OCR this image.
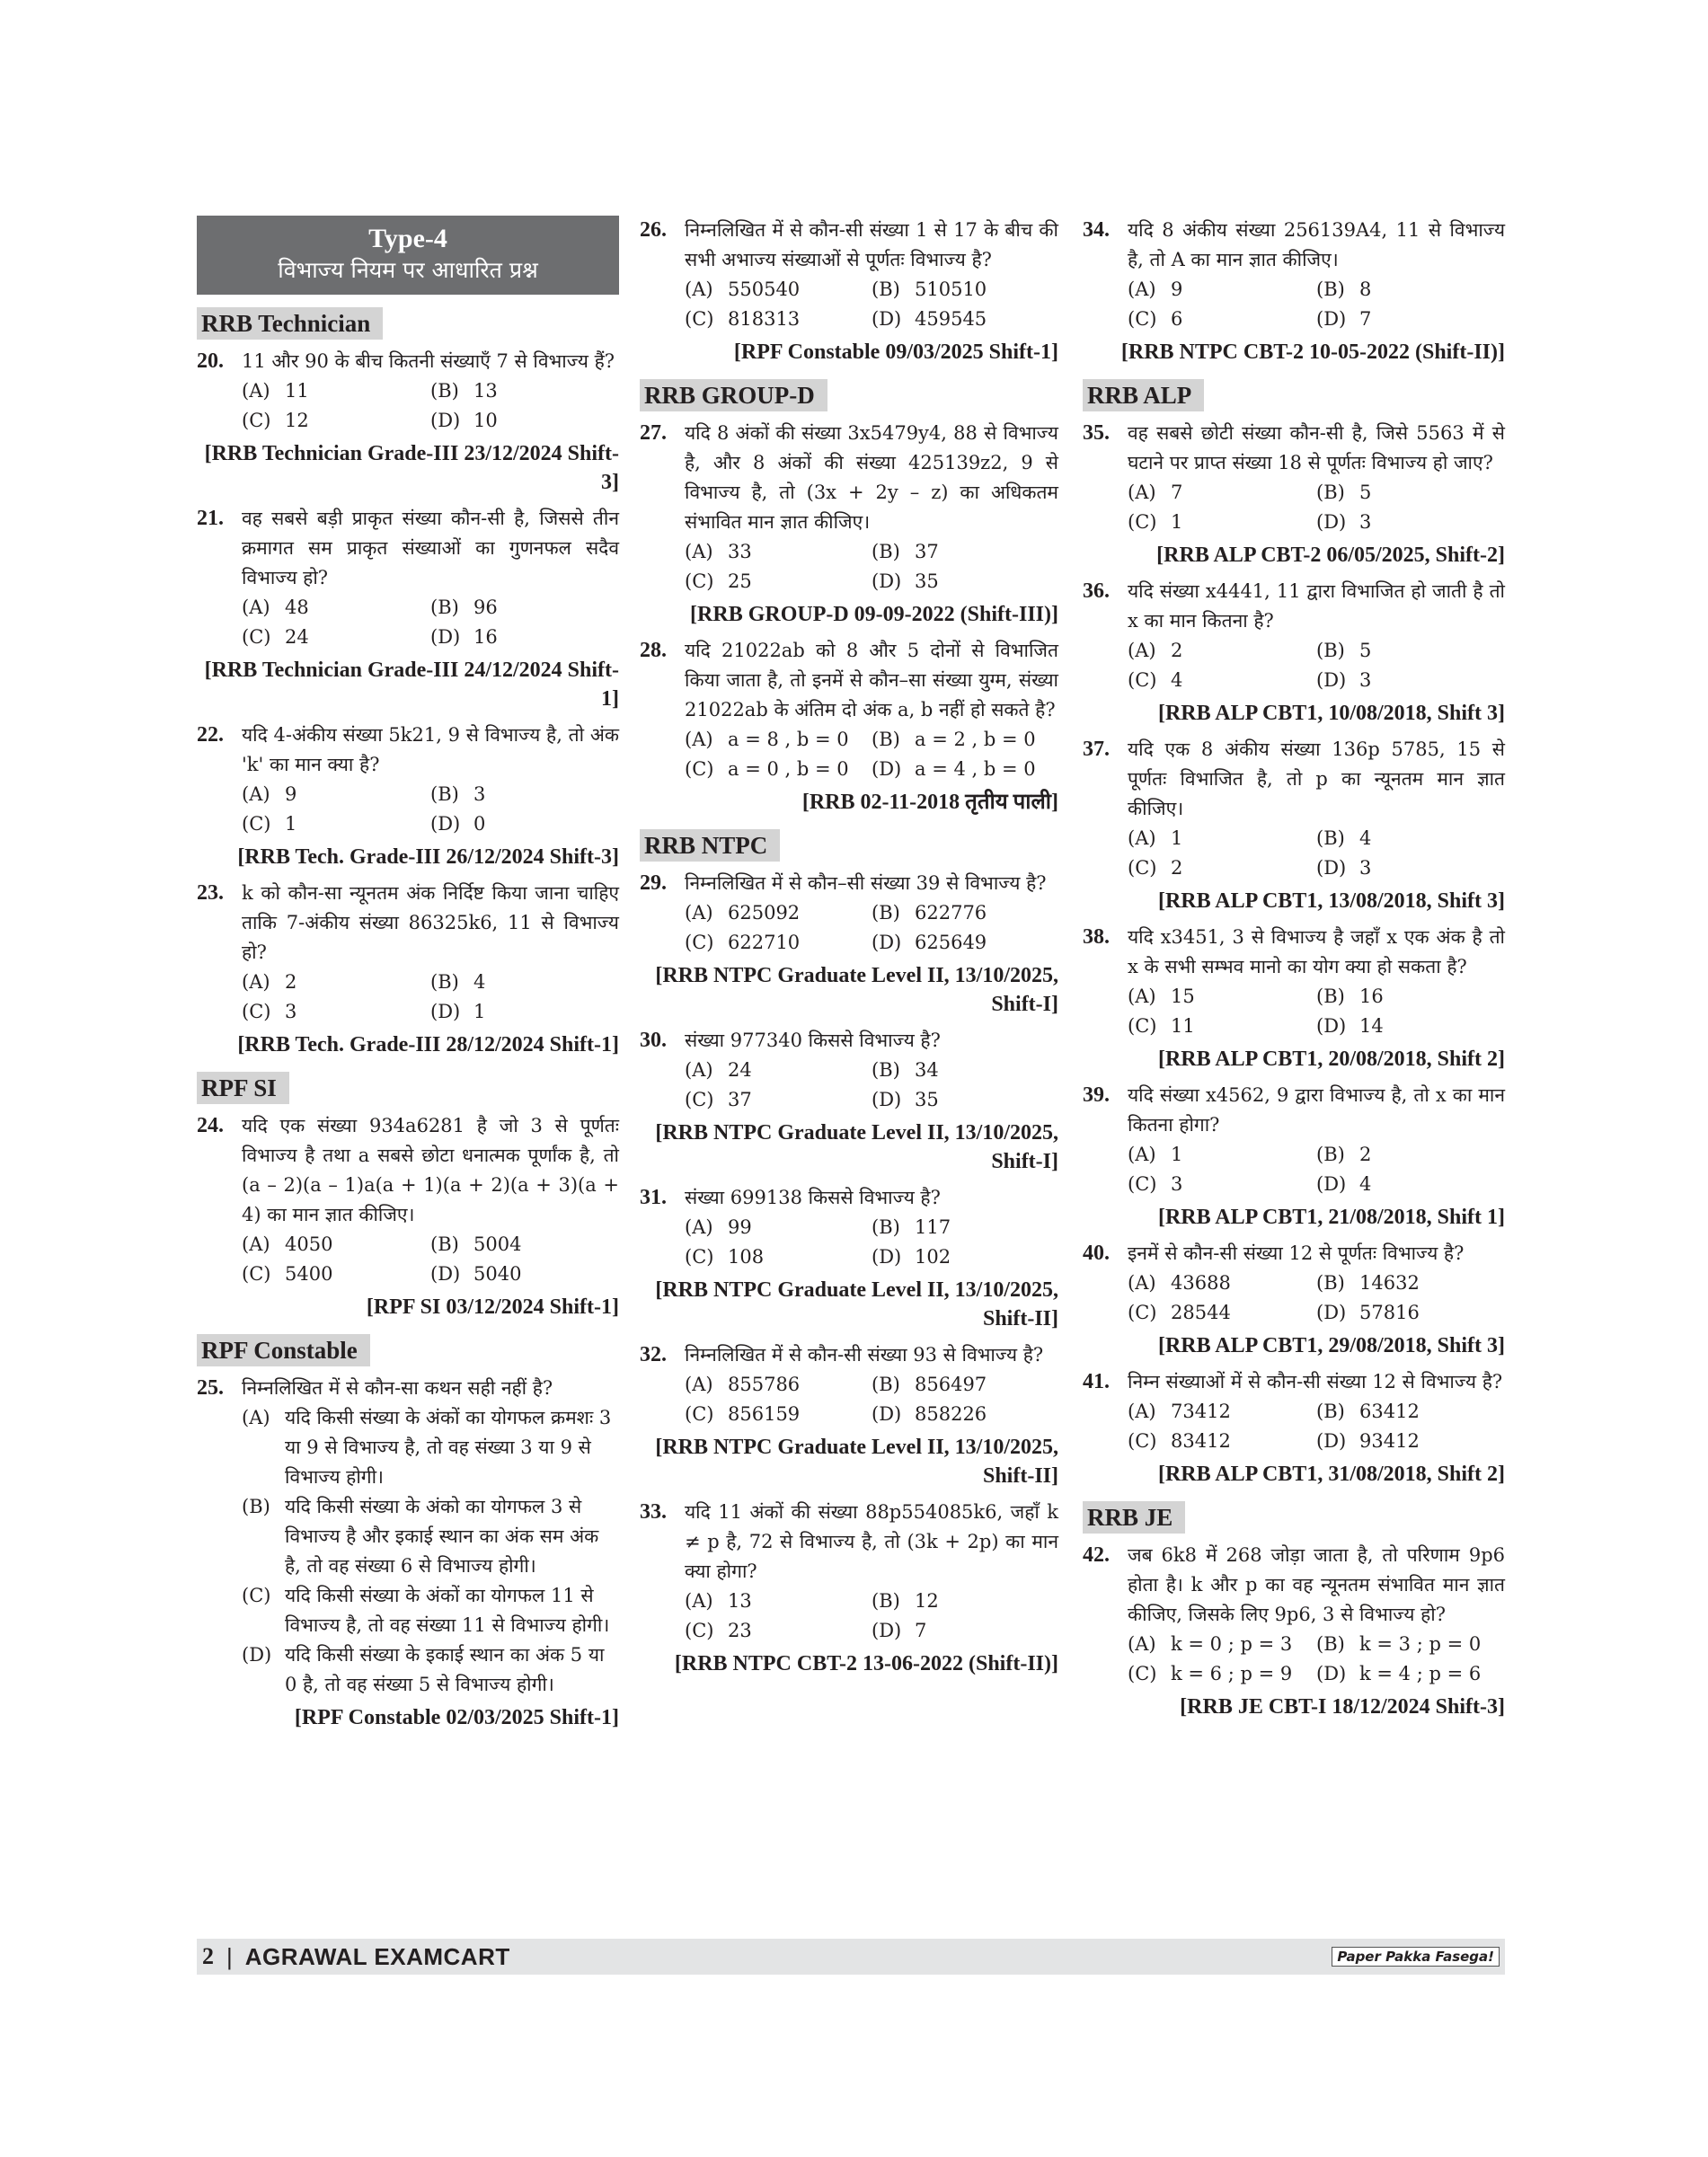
Type-4
विभाज्य नियम पर आधारित प्रश्न
RRB Technician
20. 11 और 90 के बीच कितनी संख्याएँ 7 से विभाज्य हैं?
(A) 11	(B) 13
(C) 12	(D) 10
[RRB Technician Grade-III 23/12/2024 Shift-3]
21. वह सबसे बड़ी प्राकृत संख्या कौन-सी है, जिससे तीन क्रमागत सम प्राकृत संख्याओं का गुणनफल सदैव विभाज्य हो?
(A) 48	(B) 96
(C) 24	(D) 16
[RRB Technician Grade-III 24/12/2024 Shift-1]
22. यदि 4-अंकीय संख्या 5k21, 9 से विभाज्य है, तो अंक 'k' का मान क्या है?
(A) 9	(B) 3
(C) 1	(D) 0
[RRB Tech. Grade-III 26/12/2024 Shift-3]
23. k को कौन-सा न्यूनतम अंक निर्दिष्ट किया जाना चाहिए ताकि 7-अंकीय संख्या 86325k6, 11 से विभाज्य हो?
(A) 2	(B) 4
(C) 3	(D) 1
[RRB Tech. Grade-III 28/12/2024 Shift-1]
RPF SI
24. यदि एक संख्या 934a6281 है जो 3 से पूर्णतः विभाज्य है तथा a सबसे छोटा धनात्मक पूर्णांक है, तो (a – 2)(a – 1)a(a + 1)(a + 2)(a + 3)(a + 4) का मान ज्ञात कीजिए।
(A) 4050	(B) 5004
(C) 5400	(D) 5040
[RPF SI 03/12/2024 Shift-1]
RPF Constable
25. निम्नलिखित में से कौन-सा कथन सही नहीं है?
(A) यदि किसी संख्या के अंकों का योगफल क्रमशः 3 या 9 से विभाज्य है, तो वह संख्या 3 या 9 से विभाज्य होगी।
(B) यदि किसी संख्या के अंको का योगफल 3 से विभाज्य है और इकाई स्थान का अंक सम अंक है, तो वह संख्या 6 से विभाज्य होगी।
(C) यदि किसी संख्या के अंकों का योगफल 11 से विभाज्य है, तो वह संख्या 11 से विभाज्य होगी।
(D) यदि किसी संख्या के इकाई स्थान का अंक 5 या 0 है, तो वह संख्या 5 से विभाज्य होगी।
[RPF Constable 02/03/2025 Shift-1]
26. निम्नलिखित में से कौन-सी संख्या 1 से 17 के बीच की सभी अभाज्य संख्याओं से पूर्णतः विभाज्य है?
(A) 550540	(B) 510510
(C) 818313	(D) 459545
[RPF Constable 09/03/2025 Shift-1]
RRB GROUP-D
27. यदि 8 अंकों की संख्या 3x5479y4, 88 से विभाज्य है, और 8 अंकों की संख्या 425139z2, 9 से विभाज्य है, तो (3x + 2y – z) का अधिकतम संभावित मान ज्ञात कीजिए।
(A) 33	(B) 37
(C) 25	(D) 35
[RRB GROUP-D 09-09-2022 (Shift-III)]
28. यदि 21022ab को 8 और 5 दोनों से विभाजित किया जाता है, तो इनमें से कौन–सा संख्या युग्म, संख्या 21022ab के अंतिम दो अंक a, b नहीं हो सकते है?
(A) a = 8 , b = 0 (B) a = 2 , b = 0
(C) a = 0 , b = 0 (D) a = 4 , b = 0
[RRB 02-11-2018 तृतीय पाली]
RRB NTPC
29. निम्नलिखित में से कौन–सी संख्या 39 से विभाज्य है?
(A) 625092	(B) 622776
(C) 622710	(D) 625649
[RRB NTPC Graduate Level II, 13/10/2025, Shift-I]
30. संख्या 977340 किससे विभाज्य है?
(A) 24	(B) 34
(C) 37	(D) 35
[RRB NTPC Graduate Level II, 13/10/2025, Shift-I]
31. संख्या 699138 किससे विभाज्य है?
(A) 99	(B) 117
(C) 108	(D) 102
[RRB NTPC Graduate Level II, 13/10/2025, Shift-II]
32. निम्नलिखित में से कौन-सी संख्या 93 से विभाज्य है?
(A) 855786	(B) 856497
(C) 856159	(D) 858226
[RRB NTPC Graduate Level II, 13/10/2025, Shift-II]
33. यदि 11 अंकों की संख्या 88p554085k6, जहाँ k ≠ p है, 72 से विभाज्य है, तो (3k + 2p) का मान क्या होगा?
(A) 13	(B) 12
(C) 23	(D) 7
[RRB NTPC CBT-2 13-06-2022 (Shift-II)]
34. यदि 8 अंकीय संख्या 256139A4, 11 से विभाज्य है, तो A का मान ज्ञात कीजिए।
(A) 9	(B) 8
(C) 6	(D) 7
[RRB NTPC CBT-2 10-05-2022 (Shift-II)]
RRB ALP
35. वह सबसे छोटी संख्या कौन-सी है, जिसे 5563 में से घटाने पर प्राप्त संख्या 18 से पूर्णतः विभाज्य हो जाए?
(A) 7	(B) 5
(C) 1	(D) 3
[RRB ALP CBT-2 06/05/2025, Shift-2]
36. यदि संख्या x4441, 11 द्वारा विभाजित हो जाती है तो x का मान कितना है?
(A) 2	(B) 5
(C) 4	(D) 3
[RRB ALP CBT1, 10/08/2018, Shift 3]
37. यदि एक 8 अंकीय संख्या 136p 5785, 15 से पूर्णतः विभाजित है, तो p का न्यूनतम मान ज्ञात कीजिए।
(A) 1	(B) 4
(C) 2	(D) 3
[RRB ALP CBT1, 13/08/2018, Shift 3]
38. यदि x3451, 3 से विभाज्य है जहाँ x एक अंक है तो x के सभी सम्भव मानो का योग क्या हो सकता है?
(A) 15	(B) 16
(C) 11	(D) 14
[RRB ALP CBT1, 20/08/2018, Shift 2]
39. यदि संख्या x4562, 9 द्वारा विभाज्य है, तो x का मान कितना होगा?
(A) 1	(B) 2
(C) 3	(D) 4
[RRB ALP CBT1, 21/08/2018, Shift 1]
40. इनमें से कौन-सी संख्या 12 से पूर्णतः विभाज्य है?
(A) 43688	(B) 14632
(C) 28544	(D) 57816
[RRB ALP CBT1, 29/08/2018, Shift 3]
41. निम्न संख्याओं में से कौन-सी संख्या 12 से विभाज्य है?
(A) 73412	(B) 63412
(C) 83412	(D) 93412
[RRB ALP CBT1, 31/08/2018, Shift 2]
RRB JE
42. जब 6k8 में 268 जोड़ा जाता है, तो परिणाम 9p6 होता है। k और p का वह न्यूनतम संभावित मान ज्ञात कीजिए, जिसके लिए 9p6, 3 से विभाज्य हो?
(A) k = 0 ; p = 3 (B) k = 3 ; p = 0
(C) k = 6 ; p = 9 (D) k = 4 ; p = 6
[RRB JE CBT-I 18/12/2024 Shift-3]
2 | AGRAWAL EXAMCART	Paper Pakka Fasega!
